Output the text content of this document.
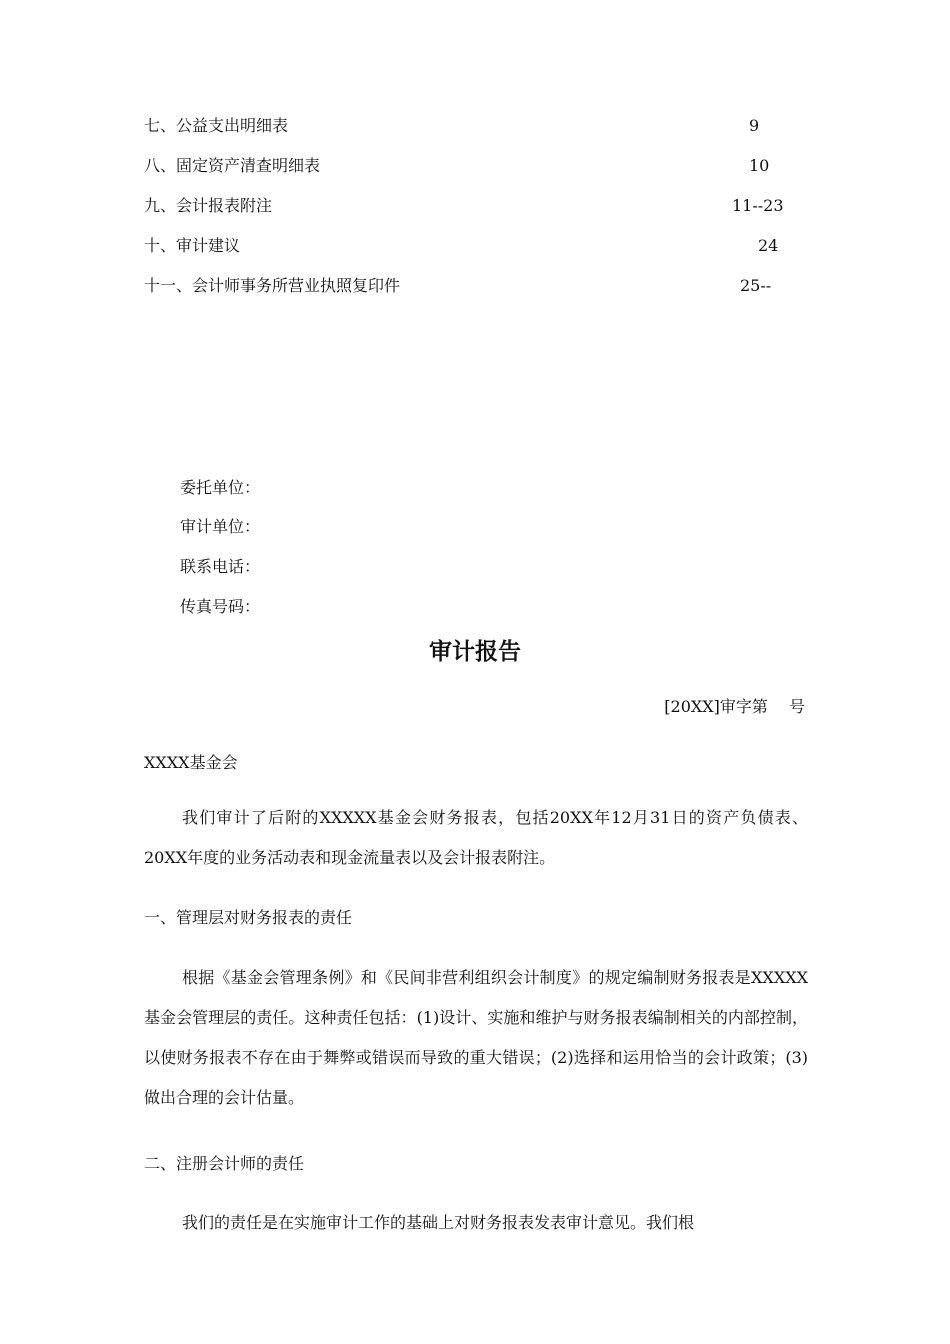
七、公益支出明细表	9
八、固定资产清查明细表	10
九、会计报表附注	11--23
十、审计建议	24
十一、会计师事务所营业执照复印件	25--
委托单位：
审计单位：
联系电话：
传真号码：
审计报告
[20XX]审字第　 号
XXXX基金会

我们审计了后附的XXXXX基金会财务报表，包括20XX年12月31日的资产负债表、20XX年度的业务活动表和现金流量表以及会计报表附注。

一、管理层对财务报表的责任

根据《基金会管理条例》和《民间非营利组织会计制度》的规定编制财务报表是XXXXX基金会管理层的责任。这种责任包括：(1)设计、实施和维护与财务报表编制相关的内部控制，以使财务报表不存在由于舞弊或错误而导致的重大错误；(2)选择和运用恰当的会计政策；(3)做出合理的会计估量。

二、注册会计师的责任

我们的责任是在实施审计工作的基础上对财务报表发表审计意见。我们根
